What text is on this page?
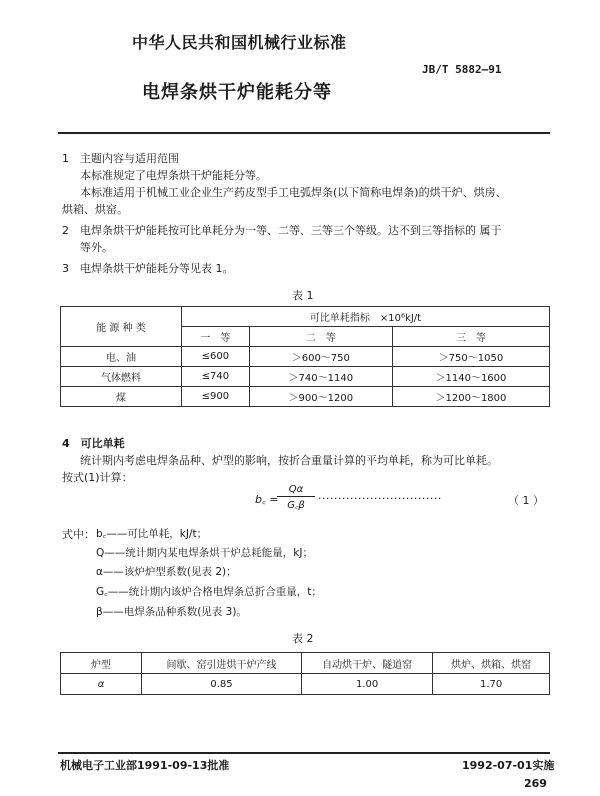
中华人民共和国机械行业标准
JB/T 5882—91
电焊条烘干炉能耗分等
1　主题内容与适用范围
本标准规定了电焊条烘干炉能耗分等。
本标准适用于机械工业企业生产药皮型手工电弧焊条(以下简称电焊条)的烘干炉、烘房、
烘箱、烘窑。
2　电焊条烘干炉能耗按可比单耗分为一等、二等、三等三个等级。达不到三等指标的 属于
等外。
3　电焊条烘干炉能耗分等见表 1。
表 1
能 源 种 类	可比单耗指标　×10⁶kJ/t		
	一　等	二　等	三　等
电、油	≤600	＞600～750	＞750～1050
气体燃料	≤740	＞740～1140	＞1140～1600
煤	≤900	＞900～1200	＞1200～1800
4　可比单耗
统计期内考虑电焊条品种、炉型的影响，按折合重量计算的平均单耗，称为可比单耗。
按式(1)计算：
b꜀ =
$\frac{Q\alpha}{G꜀\beta}$ ·······························	（ 1 ）
式中： b꜀——可比单耗，kJ/t；
Q——统计期内某电焊条烘干炉总耗能量，kJ；
α——该炉炉型系数(见表 2)；
G꜀——统计期内该炉合格电焊条总折合重量，t；
β——电焊条品种系数(见表 3)。
表 2
炉型	间歇、窑引进烘干炉产线	自动烘干炉、隧道窑	烘炉、烘箱、烘窑
α	0.85	1.00	1.70
机械电子工业部1991-09-13批准	1992-07-01实施
269
